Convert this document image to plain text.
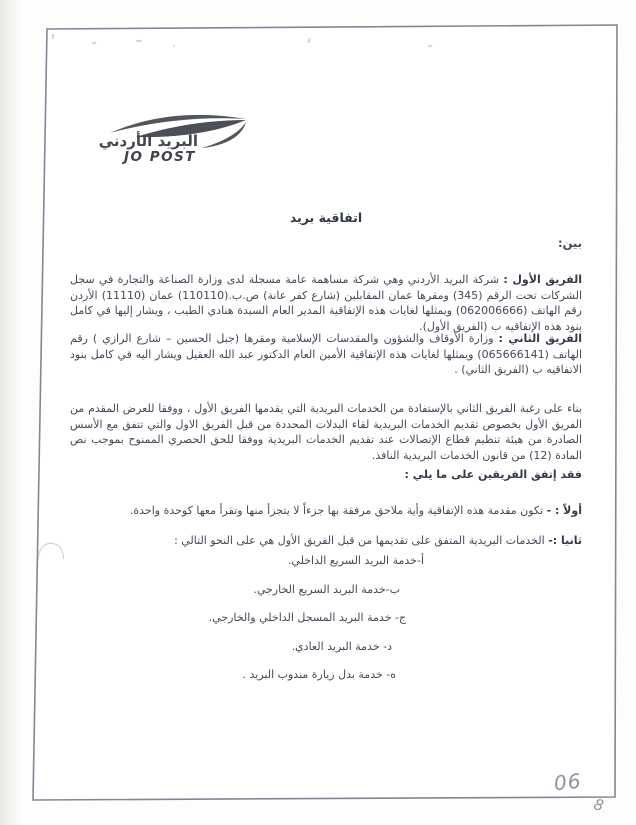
البريد الأردني
JO POST
اتفاقية بريد
بين:

الفريق الأول : شركة البريد الأردني وهي شركة مساهمة عامة مسجلة لدى وزارة الصناعة والتجارة في سجل الشركات تحت الرقم (345) ومقرها عمان المقابلين (شارع كفر عانة) ص.ب.(110110) عمان (11110) الأردن رقم الهاتف (062006666) ويمثلها لغايات هذه الإتفاقية المدير العام السيدة هنادي الطيب ، ويشار إليها في كامل بنود هذه الإتفاقيه ب (الفريق الأول).

الفريق الثاني : وزارة الأوقاف والشؤون والمقدسات الإسلامية ومقرها (جبل الحسين – شارع الرازي ) رقم الهاتف (065666141) ويمثلها لغايات هذه الإتفاقية الأمين العام الدكتور عبد الله العقيل ويشار اليه في كامل بنود الاتفاقيه ب (الفريق الثاني) .

بناء على رغبة الفريق الثاني بالإستفادة من الخدمات البريدية التي يقدمها الفريق الأول ، ووفقا للعرض المقدم من الفريق الأول بخصوص تقديم الخدمات البريدية لقاء البدلات المحددة من قبل الفريق الاول والتي تتفق مع الأسس الصادرة من هيئة تنظيم قطاع الإتصالات عند تقديم الخدمات البريدية ووفقا للحق الحصري الممنوح بموجب نص المادة (12) من قانون الخدمات البريدية النافذ.

فقد إتفق الفريقين على ما يلي :

أولاً : - تكون مقدمة هذه الإتفاقية وأية ملاحق مرفقة بها جزءاً لا يتجزأ منها وتقرأ معها كوحدة واحدة.

ثانيا :- الخدمات البريدية المتفق على تقديمها من قبل الفريق الأول هي على النحو التالي :

أ-خدمة البريد السريع الداخلي.
ب-خدمة البريد السريع الخارجي.
ج- خدمة البريد المسجل الداخلي والخارجي.
د- خدمة البريد العادي.
ه- خدمة بدل زيارة مندوب البريد .
06
8
